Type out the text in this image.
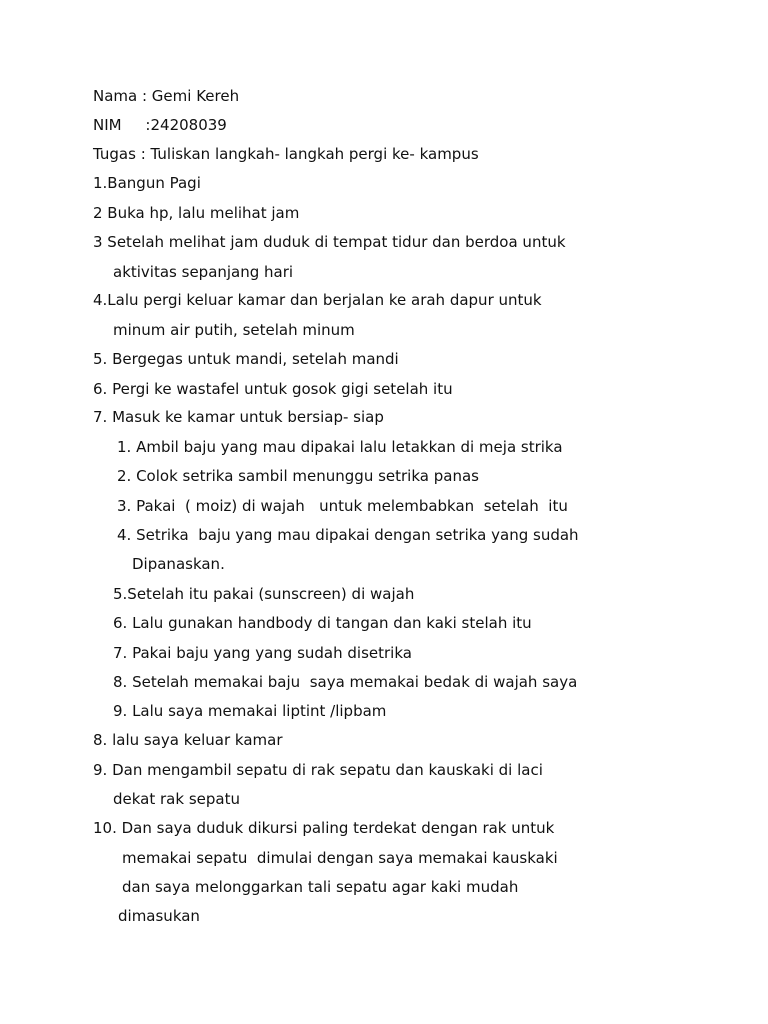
Nama : Gemi Kereh

NIM     :24208039

Tugas : Tuliskan langkah- langkah pergi ke- kampus

1.Bangun Pagi

2 Buka hp, lalu melihat jam

3 Setelah melihat jam duduk di tempat tidur dan berdoa untuk

aktivitas sepanjang hari

4.Lalu pergi keluar kamar dan berjalan ke arah dapur untuk

minum air putih, setelah minum

5. Bergegas untuk mandi, setelah mandi

6. Pergi ke wastafel untuk gosok gigi setelah itu

7. Masuk ke kamar untuk bersiap- siap

1. Ambil baju yang mau dipakai lalu letakkan di meja strika

2. Colok setrika sambil menunggu setrika panas

3. Pakai  ( moiz) di wajah   untuk melembabkan  setelah  itu

4. Setrika  baju yang mau dipakai dengan setrika yang sudah

Dipanaskan.

5.Setelah itu pakai (sunscreen) di wajah

6. Lalu gunakan handbody di tangan dan kaki stelah itu

7. Pakai baju yang yang sudah disetrika

8. Setelah memakai baju  saya memakai bedak di wajah saya

9. Lalu saya memakai liptint /lipbam

8. lalu saya keluar kamar

9. Dan mengambil sepatu di rak sepatu dan kauskaki di laci

dekat rak sepatu

10. Dan saya duduk dikursi paling terdekat dengan rak untuk

memakai sepatu  dimulai dengan saya memakai kauskaki

dan saya melonggarkan tali sepatu agar kaki mudah

dimasukan
